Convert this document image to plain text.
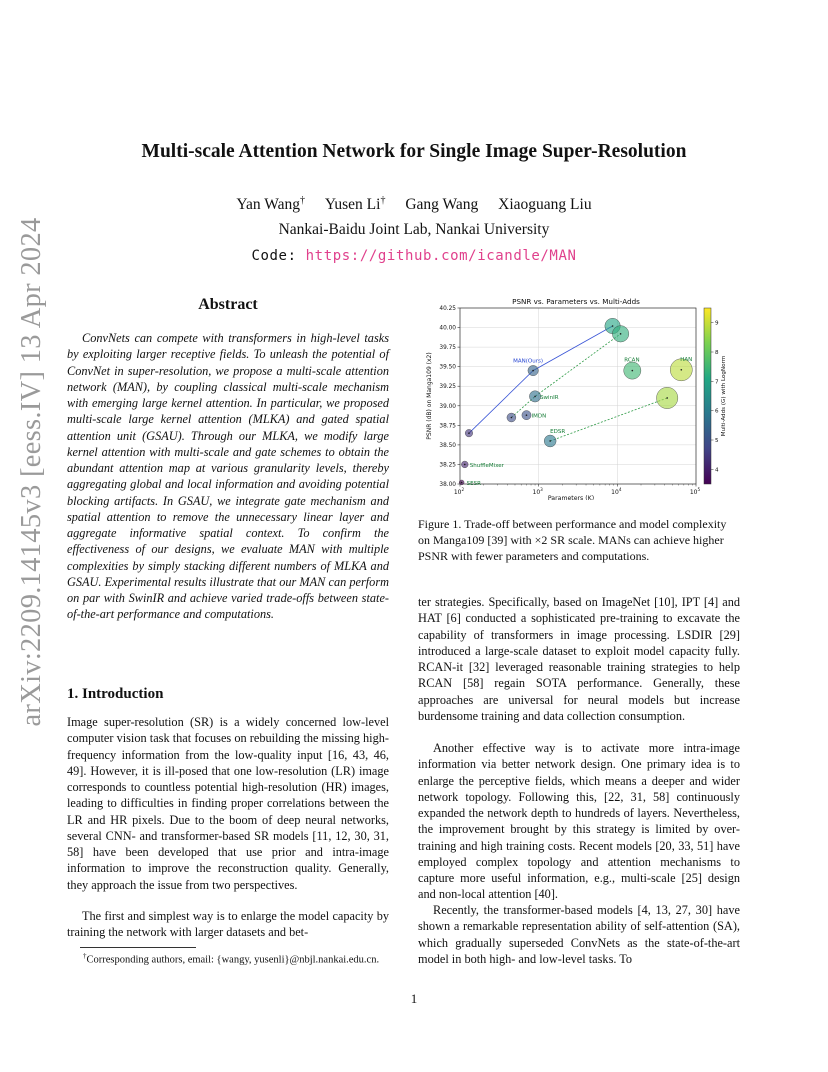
arXiv:2209.14145v3 [eess.IV] 13 Apr 2024
Multi-scale Attention Network for Single Image Super-Resolution
Yan Wang† Yusen Li† Gang Wang Xiaoguang Liu
Nankai-Baidu Joint Lab, Nankai University
Code: https://github.com/icandle/MAN
Abstract
ConvNets can compete with transformers in high-level tasks by exploiting larger receptive fields. To unleash the potential of ConvNet in super-resolution, we propose a multi-scale attention network (MAN), by coupling classical multi-scale mechanism with emerging large kernel attention. In particular, we proposed multi-scale large kernel attention (MLKA) and gated spatial attention unit (GSAU). Through our MLKA, we modify large kernel attention with multi-scale and gate schemes to obtain the abundant attention map at various granularity levels, thereby aggregating global and local information and avoiding potential blocking artifacts. In GSAU, we integrate gate mechanism and spatial attention to remove the unnecessary linear layer and aggregate informative spatial context. To confirm the effectiveness of our designs, we evaluate MAN with multiple complexities by simply stacking different numbers of MLKA and GSAU. Experimental results illustrate that our MAN can perform on par with SwinIR and achieve varied trade-offs between state-of-the-art performance and computations.
1. Introduction
Image super-resolution (SR) is a widely concerned low-level computer vision task that focuses on rebuilding the missing high-frequency information from the low-quality input [16, 43, 46, 49]. However, it is ill-posed that one low-resolution (LR) image corresponds to countless potential high-resolution (HR) images, leading to difficulties in finding proper correlations between the LR and HR pixels. Due to the boom of deep neural networks, several CNN- and transformer-based SR models [11, 12, 30, 31, 58] have been developed that use prior and intra-image information to improve the reconstruction quality. Generally, they approach the issue from two perspectives.
The first and simplest way is to enlarge the model capacity by training the network with larger datasets and bet-
†Corresponding authors, email: {wangy, yusenli}@nbjl.nankai.edu.cn.
PSNR vs. Parameters vs. Multi-Adds
SESR
ShuffleMixer
IMDN
MAN(Ours)
SwinIR
EDSR
RCAN	HAN
38.00
38.25
38.50
38.75
39.00
39.25
39.50
39.75
40.00
40.25
$10^2$	$10^3$	$10^4$	$10^5$
Parameters (K)
PSNR (dB) on Manga109 (x2)
4
5
6
7
8
9
Multi-Adds (G) with LogNorm
Figure 1. Trade-off between performance and model complexity on Manga109 [39] with ×2 SR scale. MANs can achieve higher PSNR with fewer parameters and computations.
ter strategies. Specifically, based on ImageNet [10], IPT [4] and HAT [6] conducted a sophisticated pre-training to excavate the capability of transformers in image processing. LSDIR [29] introduced a large-scale dataset to exploit model capacity fully. RCAN-it [32] leveraged reasonable training strategies to help RCAN [58] regain SOTA performance. Generally, these approaches are universal for neural models but increase burdensome training and data collection consumption.
Another effective way is to activate more intra-image information via better network design. One primary idea is to enlarge the perceptive fields, which means a deeper and wider network topology. Following this, [22, 31, 58] continuously expanded the network depth to hundreds of layers. Nevertheless, the improvement brought by this strategy is limited by over-training and high training costs. Recent models [20, 33, 51] have employed complex topology and attention mechanisms to capture more useful information, e.g., multi-scale [25] design and non-local attention [40].
Recently, the transformer-based models [4, 13, 27, 30] have shown a remarkable representation ability of self-attention (SA), which gradually superseded ConvNets as the state-of-the-art model in both high- and low-level tasks. To
1
